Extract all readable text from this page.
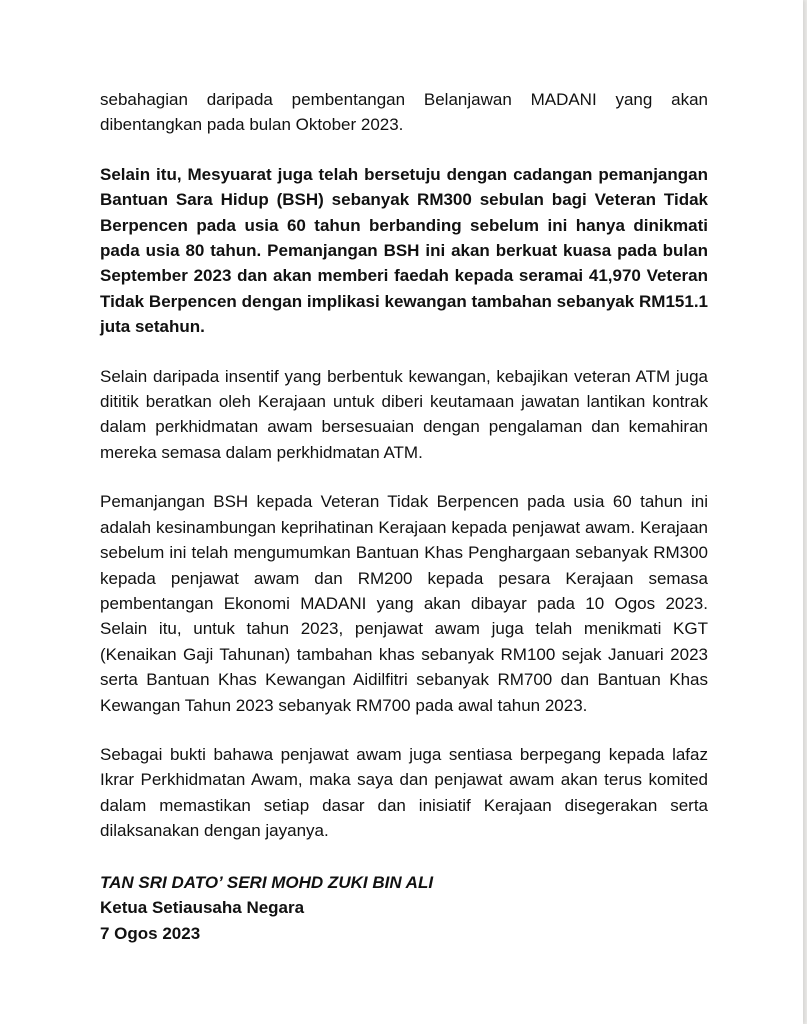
sebahagian daripada pembentangan Belanjawan MADANI yang akan dibentangkan pada bulan Oktober 2023.

Selain itu, Mesyuarat juga telah bersetuju dengan cadangan pemanjangan Bantuan Sara Hidup (BSH) sebanyak RM300 sebulan bagi Veteran Tidak Berpencen pada usia 60 tahun berbanding sebelum ini hanya dinikmati pada usia 80 tahun. Pemanjangan BSH ini akan berkuat kuasa pada bulan September 2023 dan akan memberi faedah kepada seramai 41,970 Veteran Tidak Berpencen dengan implikasi kewangan tambahan sebanyak RM151.1 juta setahun.

Selain daripada insentif yang berbentuk kewangan, kebajikan veteran ATM juga dititik beratkan oleh Kerajaan untuk diberi keutamaan jawatan lantikan kontrak dalam perkhidmatan awam bersesuaian dengan pengalaman dan kemahiran mereka semasa dalam perkhidmatan ATM.

Pemanjangan BSH kepada Veteran Tidak Berpencen pada usia 60 tahun ini adalah kesinambungan keprihatinan Kerajaan kepada penjawat awam. Kerajaan sebelum ini telah mengumumkan Bantuan Khas Penghargaan sebanyak RM300 kepada penjawat awam dan RM200 kepada pesara Kerajaan semasa pembentangan Ekonomi MADANI yang akan dibayar pada 10 Ogos 2023. Selain itu, untuk tahun 2023, penjawat awam juga telah menikmati KGT (Kenaikan Gaji Tahunan) tambahan khas sebanyak RM100 sejak Januari 2023 serta Bantuan Khas Kewangan Aidilfitri sebanyak RM700 dan Bantuan Khas Kewangan Tahun 2023 sebanyak RM700 pada awal tahun 2023.

Sebagai bukti bahawa penjawat awam juga sentiasa berpegang kepada lafaz Ikrar Perkhidmatan Awam, maka saya dan penjawat awam akan terus komited dalam memastikan setiap dasar dan inisiatif Kerajaan disegerakan serta dilaksanakan dengan jayanya.

TAN SRI DATO’ SERI MOHD ZUKI BIN ALI
Ketua Setiausaha Negara
7 Ogos 2023
